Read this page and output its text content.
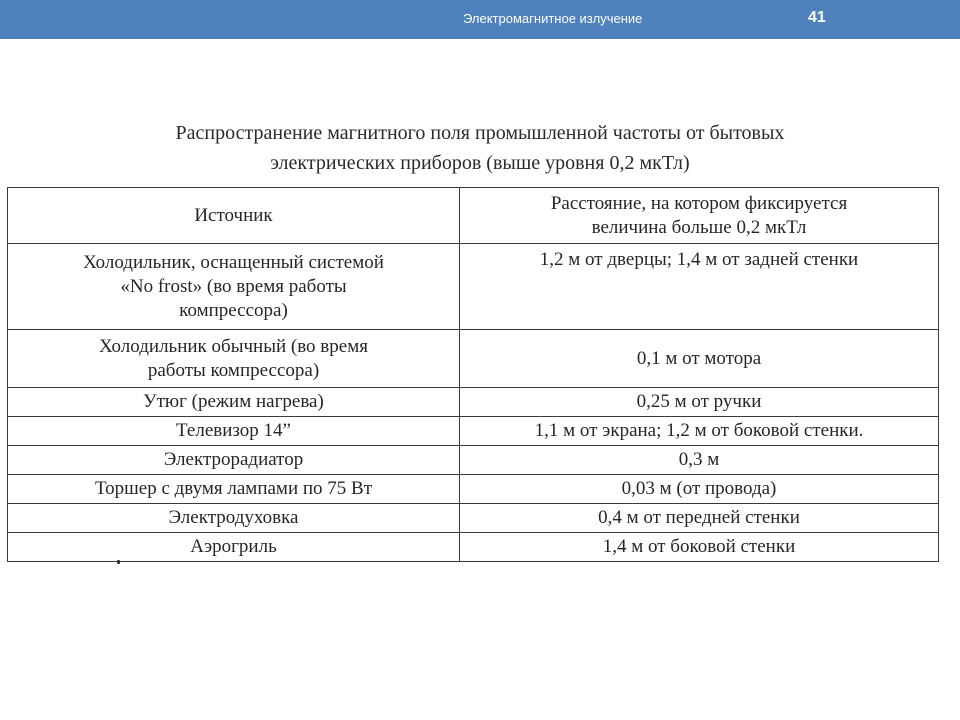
Электромагнитное излучение	41
Распространение магнитного поля промышленной частоты от бытовых
электрических приборов (выше уровня 0,2 мкТл)
Источник	Расстояние, на котором фиксируется
величина больше 0,2 мкТл

Холодильник, оснащенный системой
«No frost» (во время работы
компрессора)	1,2 м от дверцы; 1,4 м от задней стенки

Холодильник обычный (во время
работы компрессора)	0,1 м от мотора
Утюг (режим нагрева)	0,25 м от ручки
Телевизор 14”	1,1 м от экрана; 1,2 м от боковой стенки.
Электрорадиатор	0,3 м
Торшер с двумя лампами по 75 Вт	0,03 м (от провода)
Электродуховка	0,4 м от передней стенки
Аэрогриль	1,4 м от боковой стенки
